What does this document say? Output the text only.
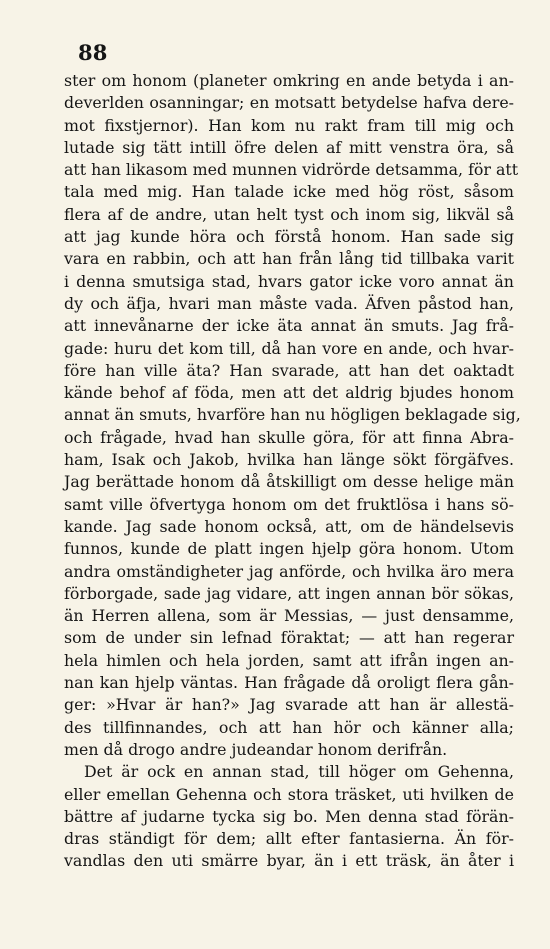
88
ster om honom (planeter omkring en ande betyda i an-
deverlden osanningar; en motsatt betydelse hafva dere-
mot fixstjernor). Han kom nu rakt fram till mig och
lutade sig tätt intill öfre delen af mitt venstra öra, så
att han likasom med munnen vidrörde detsamma, för att
tala med mig. Han talade icke med hög röst, såsom
flera af de andre, utan helt tyst och inom sig, likväl så
att jag kunde höra och förstå honom. Han sade sig
vara en rabbin, och att han från lång tid tillbaka varit
i denna smutsiga stad, hvars gator icke voro annat än
dy och äfja, hvari man måste vada. Äfven påstod han,
att innevånarne der icke äta annat än smuts. Jag frå-
gade: huru det kom till, då han vore en ande, och hvar-
före han ville äta? Han svarade, att han det oaktadt
kände behof af föda, men att det aldrig bjudes honom
annat än smuts, hvarföre han nu högligen beklagade sig,
och frågade, hvad han skulle göra, för att finna Abra-
ham, Isak och Jakob, hvilka han länge sökt förgäfves.
Jag berättade honom då åtskilligt om desse helige män
samt ville öfvertyga honom om det fruktlösa i hans sö-
kande. Jag sade honom också, att, om de händelsevis
funnos, kunde de platt ingen hjelp göra honom. Utom
andra omständigheter jag anförde, och hvilka äro mera
förborgade, sade jag vidare, att ingen annan bör sökas,
än Herren allena, som är Messias, — just densamme,
som de under sin lefnad föraktat; — att han regerar
hela himlen och hela jorden, samt att ifrån ingen an-
nan kan hjelp väntas. Han frågade då oroligt flera gån-
ger: »Hvar är han?» Jag svarade att han är allestä-
des tillfinnandes, och att han hör och känner alla;
men då drogo andre judeandar honom derifrån.
Det är ock en annan stad, till höger om Gehenna,
eller emellan Gehenna och stora träsket, uti hvilken de
bättre af judarne tycka sig bo. Men denna stad förän-
dras ständigt för dem; allt efter fantasierna. Än för-
vandlas den uti smärre byar, än i ett träsk, än åter i
